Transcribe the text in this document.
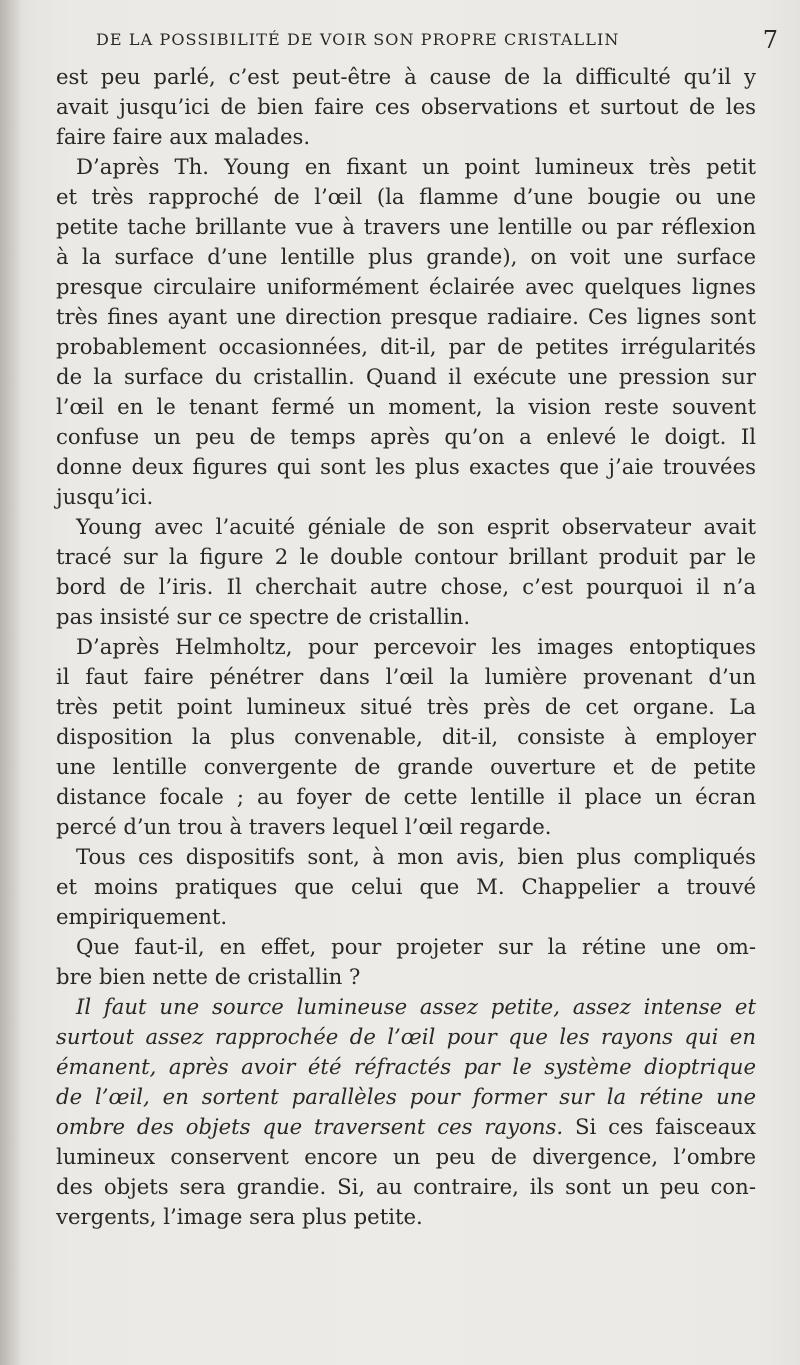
DE LA POSSIBILITÉ DE VOIR SON PROPRE CRISTALLIN	7
est peu parlé, c’est peut-être à cause de la difficulté qu’il y
avait jusqu’ici de bien faire ces observations et surtout de les
faire faire aux malades.
D’après Th. Young en fixant un point lumineux très petit
et très rapproché de l’œil (la flamme d’une bougie ou une
petite tache brillante vue à travers une lentille ou par réflexion
à la surface d’une lentille plus grande), on voit une surface
presque circulaire uniformément éclairée avec quelques lignes
très fines ayant une direction presque radiaire. Ces lignes sont
probablement occasionnées, dit-il, par de petites irrégularités
de la surface du cristallin. Quand il exécute une pression sur
l’œil en le tenant fermé un moment, la vision reste souvent
confuse un peu de temps après qu’on a enlevé le doigt. Il
donne deux figures qui sont les plus exactes que j’aie trouvées
jusqu’ici.
Young avec l’acuité géniale de son esprit observateur avait
tracé sur la figure 2 le double contour brillant produit par le
bord de l’iris. Il cherchait autre chose, c’est pourquoi il n’a
pas insisté sur ce spectre de cristallin.
D’après Helmholtz, pour percevoir les images entoptiques
il faut faire pénétrer dans l’œil la lumière provenant d’un
très petit point lumineux situé très près de cet organe. La
disposition la plus convenable, dit-il, consiste à employer
une lentille convergente de grande ouverture et de petite
distance focale ; au foyer de cette lentille il place un écran
percé d’un trou à travers lequel l’œil regarde.
Tous ces dispositifs sont, à mon avis, bien plus compliqués
et moins pratiques que celui que M. Chappelier a trouvé
empiriquement.
Que faut-il, en effet, pour projeter sur la rétine une om-
bre bien nette de cristallin ?
Il faut une source lumineuse assez petite, assez intense et
surtout assez rapprochée de l’œil pour que les rayons qui en
émanent, après avoir été réfractés par le système dioptrique
de l’œil, en sortent parallèles pour former sur la rétine une
ombre des objets que traversent ces rayons. Si ces faisceaux
lumineux conservent encore un peu de divergence, l’ombre
des objets sera grandie. Si, au contraire, ils sont un peu con-
vergents, l’image sera plus petite.
